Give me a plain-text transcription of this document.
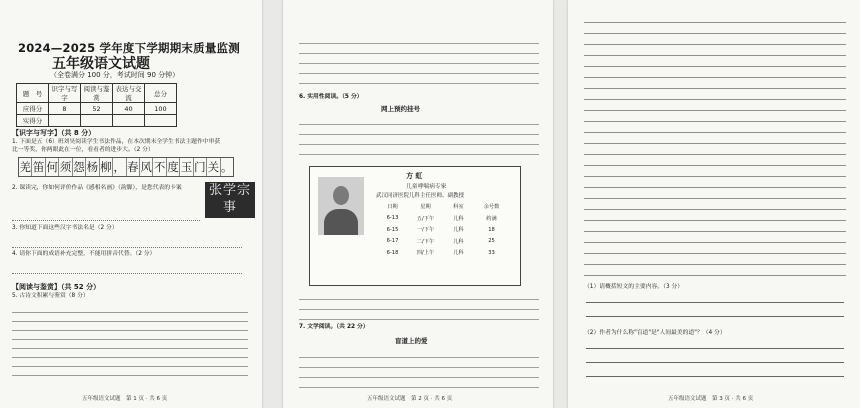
2024—2025 学年度下学期期末质量监测
五年级语文试题
（全卷满分 100 分，考试时间 90 分钟）
题　号	识字与写字	阅读与鉴赏	表达与交流	总分
应得分	8	52	40	100
实得分				
【识字与写字】（共 8 分）
1. 下面是五（6）班刘昊阅读学生书法作品，在本次期末全学生书法主题作中审获　　　　　　比一等奖，你两眼此在一位，看看者的进步大。（2 分）
羌 笛 何 须 怨 杨 柳 ， 春 风 不 度 玉 门 关 。
张学宗事
2. 课读完，你如何评价作品《感相名画》（韵脚），是您代表的卡案
3. 你知道下面这些汉字书法名是（2 分）
4. 请你下面的成语补充完整，不能用拼音代替。（2 分）
【阅读与鉴赏】（共 52 分）
5. 古诗文积累与鉴赏（8 分）
五年级语文试题　第 1 页 · 共 6 页
6. 实用性阅读。（5 分）
网上预约挂号
方 虹
儿童哮喘病专家
武汉同济医院儿科主任医师、副教授
日期	星期	科室	余号数
6-13	五/下午	儿科	约满
6-15	一/下午	儿科	18
6-17	二/下午	儿科	25
6-18	四/上午	儿科	33
7. 文学阅读。（共 22 分）
盲道上的爱
五年级语文试题　第 2 页 · 共 6 页
（1）请概括短文的主要内容。（3 分）
（2）作者为什么称"盲道"是"人间最美的道"？（4 分）
五年级语文试题　第 3 页 · 共 6 页
